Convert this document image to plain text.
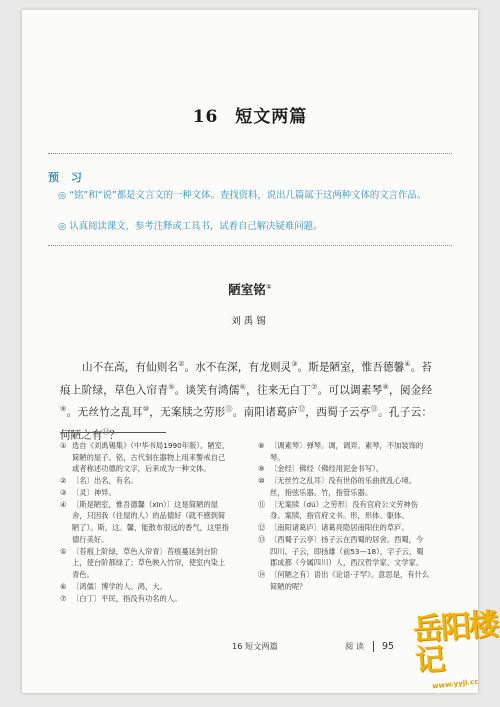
16 短文两篇
预 习
◎ “铭”和“说”都是文言文的一种文体。查找资料，说出几篇属于这两种文体的文言作品。
◎ 认真阅读课文，参考注释或工具书，试着自己解决疑难问题。
陋室铭①
刘禹锡
山不在高，有仙则名②。水不在深，有龙则灵③。斯是陋室，惟吾德馨④。苔痕上阶绿，草色入帘青⑤。谈笑有鸿儒⑥，往来无白丁⑦。可以调素琴⑧，阅金经⑨。无丝竹之乱耳⑩，无案牍之劳形⑪。南阳诸葛庐⑫，西蜀子云亭⑬。孔子云：何陋之有⑭？
① 选自《刘禹锡集》（中华书局1990年版）。陋室，简陋的屋子。铭，古代刻在器物上用来警戒自己或者称述功德的文字，后来成为一种文体。
② 〔名〕出名，有名。
③ 〔灵〕神异。
④ 〔斯是陋室，惟吾德馨（xīn）〕这是简陋的屋舍，只因我（住屋的人）的品德好（就不感到简陋了）。斯，这。馨，能散布很远的香气，这里指德行美好。
⑤ 〔苔痕上阶绿，草色入帘青〕苔痕蔓延到台阶上，使台阶都绿了；草色映入竹帘，使室内染上青色。
⑥ 〔鸿儒〕博学的人。鸿，大。
⑦ 〔白丁〕平民，指没有功名的人。
⑧ 〔调素琴〕弹琴。调，调弄。素琴，不加装饰的琴。
⑨ 〔金经〕佛经（佛经用泥金书写）。
⑩ 〔无丝竹之乱耳〕没有世俗的乐曲扰乱心境。丝，指弦乐器。竹，指管乐器。
⑪ 〔无案牍（dú）之劳形〕没有官府公文劳神伤身。案牍，指官府文书。形，形体、躯体。
⑫ 〔南阳诸葛庐〕诸葛亮隐居南阳住的草庐。
⑬ 〔西蜀子云亭〕扬子云在西蜀的居舍。西蜀，今四川。子云，即扬雄（前53—18），字子云，蜀郡成都（今属四川）人，西汉哲学家、文学家。
⑭ 〔何陋之有〕语出《论语·子罕》。意思是，有什么简陋的呢？
16 短文两篇	阅 读 95 岳阳楼记
www.yyjl.cc
